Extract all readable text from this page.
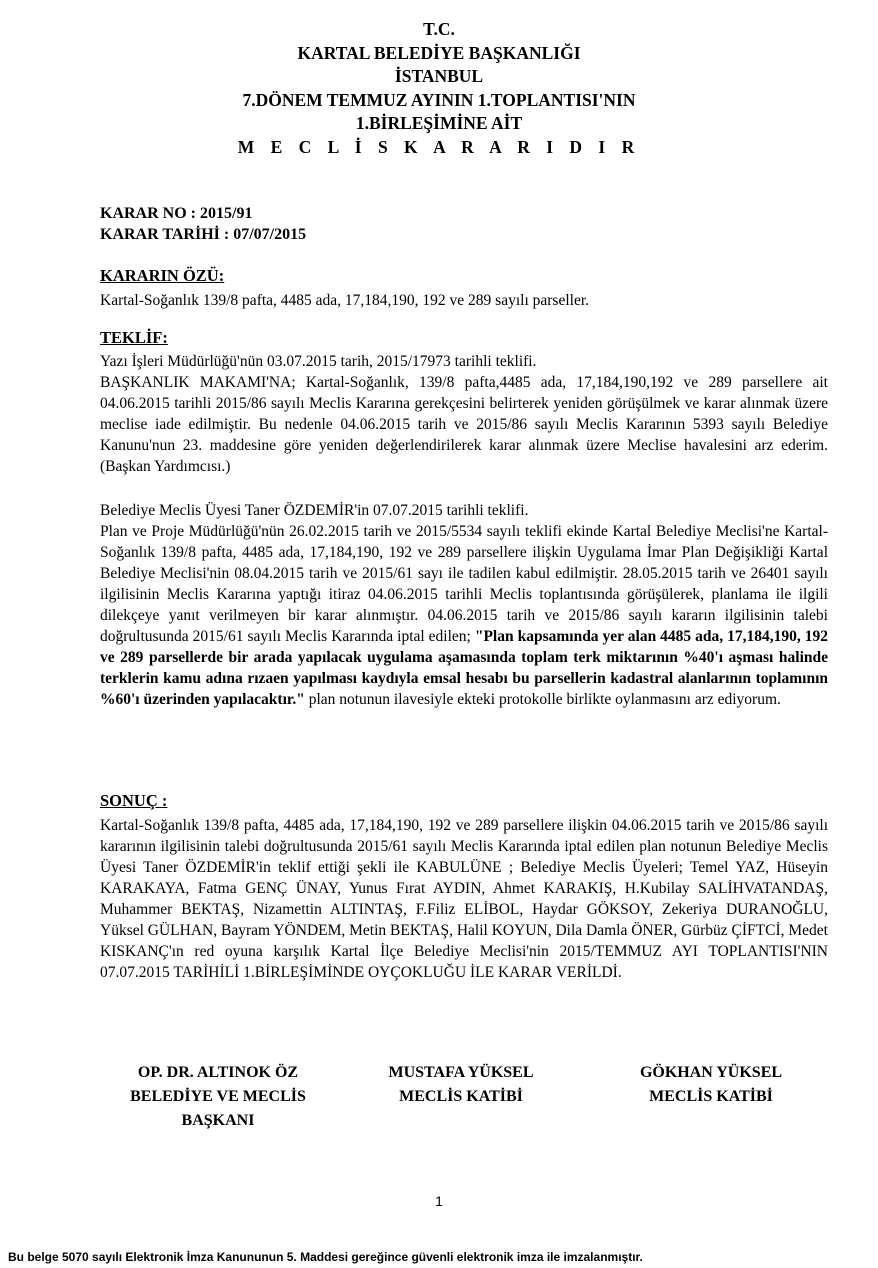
T.C.
KARTAL BELEDİYE BAŞKANLIĞI
İSTANBUL
7.DÖNEM TEMMUZ AYININ 1.TOPLANTISI'NIN
1.BİRLEŞİMİNE AİT
M E C L İ S K A R A R I D I R
KARAR NO : 2015/91
KARAR TARİHİ : 07/07/2015
KARARIN ÖZÜ:
Kartal-Soğanlık 139/8 pafta, 4485 ada, 17,184,190, 192 ve 289 sayılı parseller.
TEKLİF:

Yazı İşleri Müdürlüğü'nün 03.07.2015 tarih, 2015/17973 tarihli teklifi.

BAŞKANLIK MAKAMI'NA; Kartal-Soğanlık, 139/8 pafta,4485 ada, 17,184,190,192 ve 289 parsellere ait 04.06.2015 tarihli 2015/86 sayılı Meclis Kararına gerekçesini belirterek yeniden görüşülmek ve karar alınmak üzere meclise iade edilmiştir. Bu nedenle 04.06.2015 tarih ve 2015/86 sayılı Meclis Kararının 5393 sayılı Belediye Kanunu'nun 23. maddesine göre yeniden değerlendirilerek karar alınmak üzere Meclise havalesini arz ederim. (Başkan Yardımcısı.)

Belediye Meclis Üyesi Taner ÖZDEMİR'in 07.07.2015 tarihli teklifi.

Plan ve Proje Müdürlüğü'nün 26.02.2015 tarih ve 2015/5534 sayılı teklifi ekinde Kartal Belediye Meclisi'ne Kartal-Soğanlık 139/8 pafta, 4485 ada, 17,184,190, 192 ve 289 parsellere ilişkin Uygulama İmar Plan Değişikliği Kartal Belediye Meclisi'nin 08.04.2015 tarih ve 2015/61 sayı ile tadilen kabul edilmiştir. 28.05.2015 tarih ve 26401 sayılı ilgilisinin Meclis Kararına yaptığı itiraz 04.06.2015 tarihli Meclis toplantısında görüşülerek, planlama ile ilgili dilekçeye yanıt verilmeyen bir karar alınmıştır. 04.06.2015 tarih ve 2015/86 sayılı kararın ilgilisinin talebi doğrultusunda 2015/61 sayılı Meclis Kararında iptal edilen; "Plan kapsamında yer alan 4485 ada, 17,184,190, 192 ve 289 parsellerde bir arada yapılacak uygulama aşamasında toplam terk miktarının %40'ı aşması halinde terklerin kamu adına rızaen yapılması kaydıyla emsal hesabı bu parsellerin kadastral alanlarının toplamının %60'ı üzerinden yapılacaktır." plan notunun ilavesiyle ekteki protokolle birlikte oylanmasını arz ediyorum.

SONUÇ :
Kartal-Soğanlık 139/8 pafta, 4485 ada, 17,184,190, 192 ve 289 parsellere ilişkin 04.06.2015 tarih ve 2015/86 sayılı kararının ilgilisinin talebi doğrultusunda 2015/61 sayılı Meclis Kararında iptal edilen plan notunun Belediye Meclis Üyesi Taner ÖZDEMİR'in teklif ettiği şekli ile KABULÜNE ; Belediye Meclis Üyeleri; Temel YAZ, Hüseyin KARAKAYA, Fatma GENÇ ÜNAY, Yunus Fırat AYDIN, Ahmet KARAKIŞ, H.Kubilay SALİHVATANDAŞ, Muhammer BEKTAŞ, Nizamettin ALTINTAŞ, F.Filiz ELİBOL, Haydar GÖKSOY, Zekeriya DURANOĞLU, Yüksel GÜLHAN, Bayram YÖNDEM, Metin BEKTAŞ, Halil KOYUN, Dila Damla ÖNER, Gürbüz ÇİFTCİ, Medet KISKANÇ'ın red oyuna karşılık Kartal İlçe Belediye Meclisi'nin 2015/TEMMUZ AYI TOPLANTISI'NIN 07.07.2015 TARİHİLİ 1.BİRLEŞİMİNDE OYÇOKLUĞU İLE KARAR VERİLDİ.
OP. DR. ALTINOK ÖZ
BELEDİYE VE MECLİS
BAŞKANI
MUSTAFA YÜKSEL
MECLİS KATİBİ
GÖKHAN YÜKSEL
MECLİS KATİBİ
1
Bu belge 5070 sayılı Elektronik İmza Kanununun 5. Maddesi gereğince güvenli elektronik imza ile imzalanmıştır.
